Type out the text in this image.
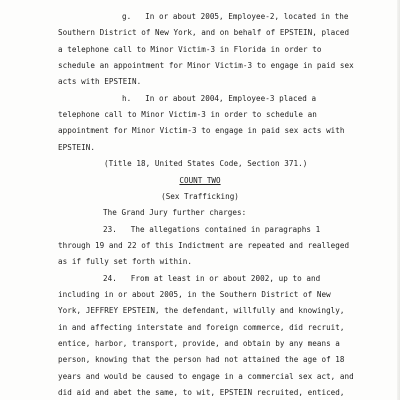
g.   In or about 2005, Employee-2, located in the
Southern District of New York, and on behalf of EPSTEIN, placed
a telephone call to Minor Victim-3 in Florida in order to
schedule an appointment for Minor Victim-3 to engage in paid sex
acts with EPSTEIN.
h.   In or about 2004, Employee-3 placed a
telephone call to Minor Victim-3 in order to schedule an
appointment for Minor Victim-3 to engage in paid sex acts with
EPSTEIN.
(Title 18, United States Code, Section 371.)
COUNT TWO
(Sex Trafficking)
The Grand Jury further charges:
23.   The allegations contained in paragraphs 1
through 19 and 22 of this Indictment are repeated and realleged
as if fully set forth within.
24.   From at least in or about 2002, up to and
including in or about 2005, in the Southern District of New
York, JEFFREY EPSTEIN, the defendant, willfully and knowingly,
in and affecting interstate and foreign commerce, did recruit,
entice, harbor, transport, provide, and obtain by any means a
person, knowing that the person had not attained the age of 18
years and would be caused to engage in a commercial sex act, and
did aid and abet the same, to wit, EPSTEIN recruited, enticed,
